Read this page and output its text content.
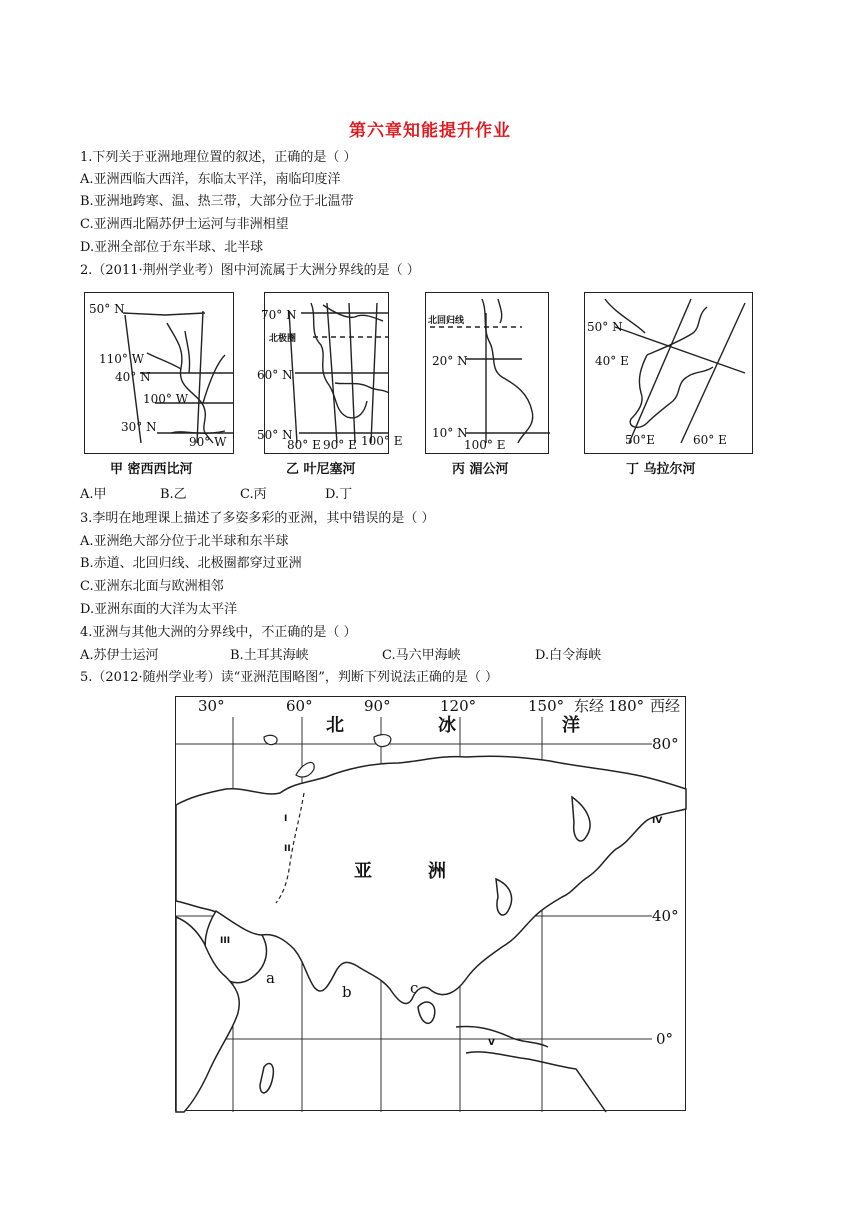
第六章知能提升作业
1.下列关于亚洲地理位置的叙述，正确的是（ ）
A.亚洲西临大西洋，东临太平洋，南临印度洋
B.亚洲地跨寒、温、热三带，大部分位于北温带
C.亚洲西北隔苏伊士运河与非洲相望
D.亚洲全部位于东半球、北半球
2.（2011·荆州学业考）图中河流属于大洲分界线的是（ ）
50° N
110° W
40° N
100° W
30° N
90° W
甲 密西西比河
70° N
北极圈
60° N
50° N
80° E 90° E 100° E
乙 叶尼塞河
北回归线
20° N
10° N
100° E
丙 湄公河
50° N
40° E
50°E	60° E
丁 乌拉尔河
A.甲	B.乙	C.丙	D.丁
3.李明在地理课上描述了多姿多彩的亚洲，其中错误的是（ ）
A.亚洲绝大部分位于北半球和东半球
B.赤道、北回归线、北极圈都穿过亚洲
C.亚洲东北面与欧洲相邻
D.亚洲东面的大洋为太平洋
4.亚洲与其他大洲的分界线中，不正确的是（ ）
A.苏伊士运河	B.土耳其海峡	C.马六甲海峡	D.白令海峡
5.（2012·随州学业考）读“亚洲范围略图”，判断下列说法正确的是（ ）
30°	60°	90°	120°	150° 东经 180° 西经
北	冰	洋
80°
40°
0°
亚	洲
a
b	c
I
II
III
IV
V
